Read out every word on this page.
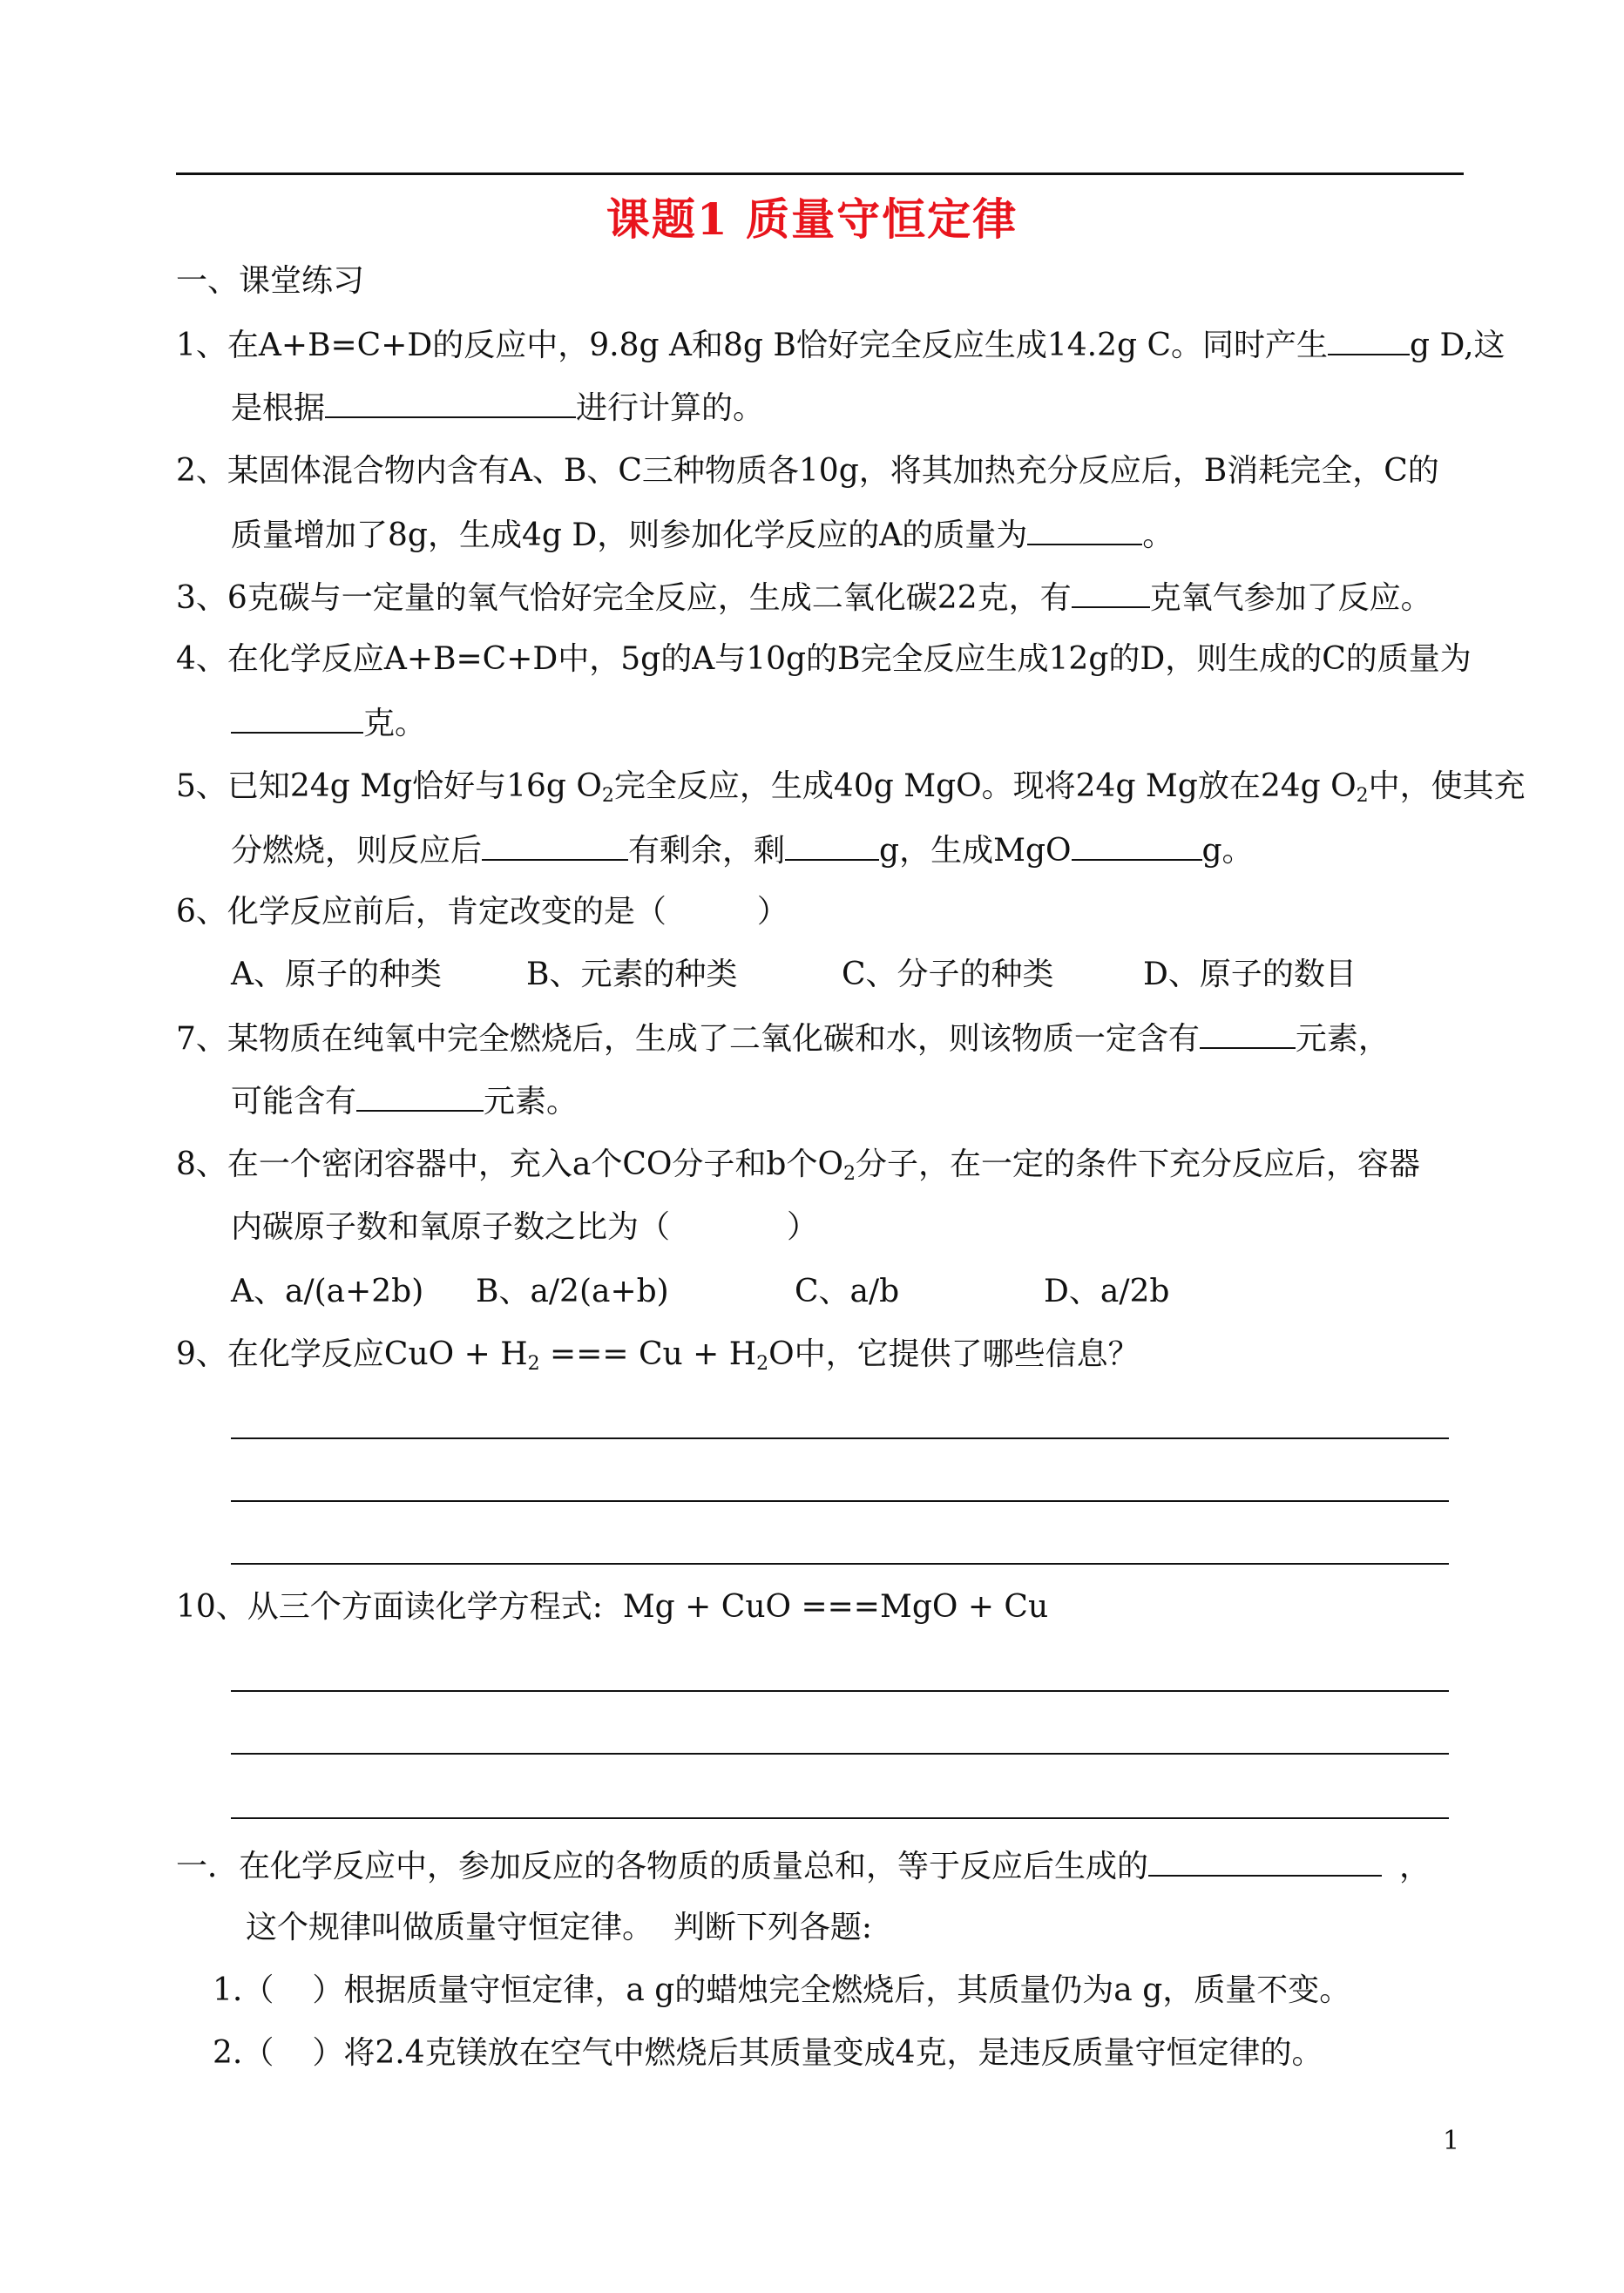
课题1 质量守恒定律
一、课堂练习
1、在A+B=C+D的反应中，9.8g A和8g B恰好完全反应生成14.2g C。同时产生	g D,这
是根据	进行计算的。
2、某固体混合物内含有A、B、C三种物质各10g，将其加热充分反应后，B消耗完全，C的
质量增加了8g，生成4g D，则参加化学反应的A的质量为	。
3、6克碳与一定量的氧气恰好完全反应，生成二氧化碳22克，有	克氧气参加了反应。
4、在化学反应A+B=C+D中，5g的A与10g的B完全反应生成12g的D，则生成的C的质量为
克。
5、已知24g Mg恰好与16g $O_2$完全反应，生成40g MgO。现将24g Mg放在24g $O_2$中，使其充
分燃烧，则反应后	有剩余，剩	g，生成MgO	g。
6、化学反应前后，肯定改变的是（	）
A、原子的种类	B、元素的种类	C、分子的种类	D、原子的数目
7、某物质在纯氧中完全燃烧后，生成了二氧化碳和水，则该物质一定含有	元素，
可能含有	元素。
8、在一个密闭容器中，充入a个CO分子和b个$O_2$分子，在一定的条件下充分反应后，容器
内碳原子数和氧原子数之比为（	）
A、a/(a+2b) B、a/2(a+b)	C、a/b	D、a/2b
9、在化学反应CuO + $H_2$ === $Cu + H_2O$中，它提供了哪些信息？
10、从三个方面读化学方程式:  Mg + CuO ===MgO + Cu
一．在化学反应中，参加反应的各物质的质量总和，等于反应后生成的	，
这个规律叫做质量守恒定律。  判断下列各题:
1.（ ）根据质量守恒定律，a g的蜡烛完全燃烧后，其质量仍为a g，质量不变。
2.（ ）将2.4克镁放在空气中燃烧后其质量变成4克，是违反质量守恒定律的。
1
